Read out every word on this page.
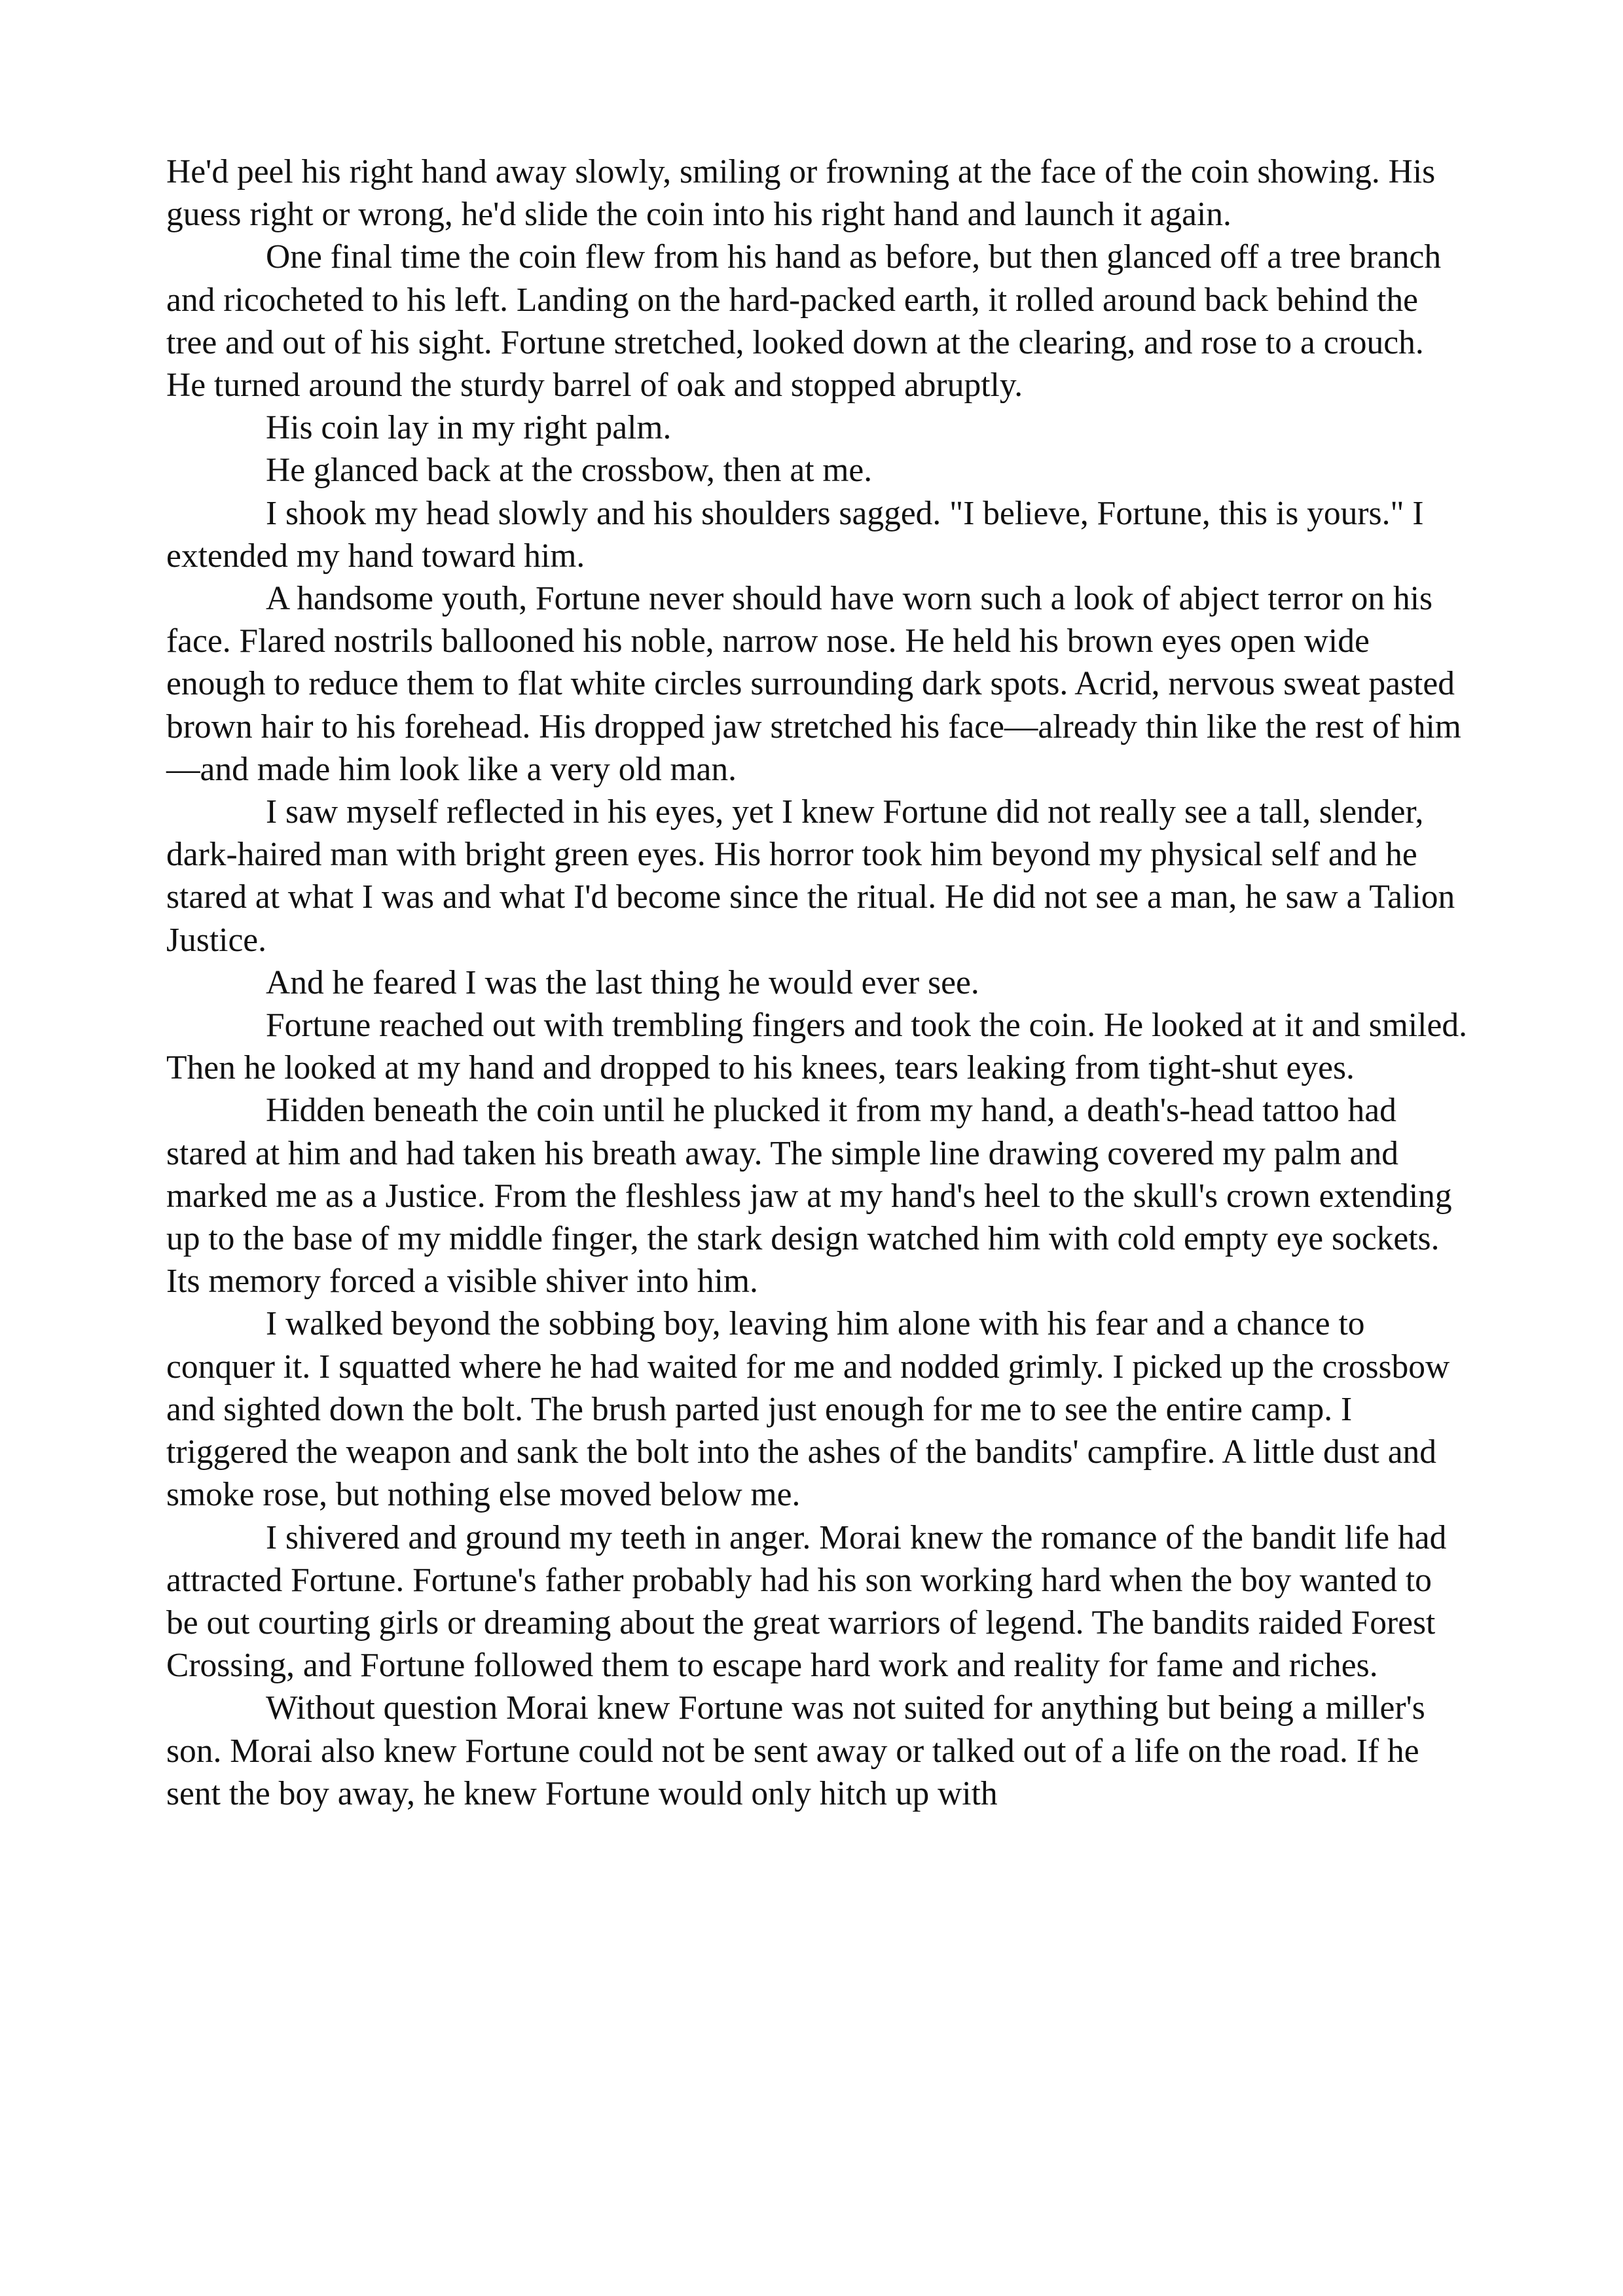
He'd peel his right hand away slowly, smiling or frowning at the face of the coin showing. His guess right or wrong, he'd slide the coin into his right hand and launch it again.

One final time the coin flew from his hand as before, but then glanced off a tree branch and ricocheted to his left. Landing on the hard-packed earth, it rolled around back behind the tree and out of his sight. Fortune stretched, looked down at the clearing, and rose to a crouch. He turned around the sturdy barrel of oak and stopped abruptly.

His coin lay in my right palm.

He glanced back at the crossbow, then at me.

I shook my head slowly and his shoulders sagged. "I believe, Fortune, this is yours." I extended my hand toward him.

A handsome youth, Fortune never should have worn such a look of abject terror on his face. Flared nostrils ballooned his noble, narrow nose. He held his brown eyes open wide enough to reduce them to flat white circles surrounding dark spots. Acrid, nervous sweat pasted brown hair to his forehead. His dropped jaw stretched his face—already thin like the rest of him—and made him look like a very old man.

I saw myself reflected in his eyes, yet I knew Fortune did not really see a tall, slender, dark-haired man with bright green eyes. His horror took him beyond my physical self and he stared at what I was and what I'd become since the ritual. He did not see a man, he saw a Talion Justice.

And he feared I was the last thing he would ever see.

Fortune reached out with trembling fingers and took the coin. He looked at it and smiled. Then he looked at my hand and dropped to his knees, tears leaking from tight-shut eyes.

Hidden beneath the coin until he plucked it from my hand, a death's-head tattoo had stared at him and had taken his breath away. The simple line drawing covered my palm and marked me as a Justice. From the fleshless jaw at my hand's heel to the skull's crown extending up to the base of my middle finger, the stark design watched him with cold empty eye sockets. Its memory forced a visible shiver into him.

I walked beyond the sobbing boy, leaving him alone with his fear and a chance to conquer it. I squatted where he had waited for me and nodded grimly. I picked up the crossbow and sighted down the bolt. The brush parted just enough for me to see the entire camp. I triggered the weapon and sank the bolt into the ashes of the bandits' campfire. A little dust and smoke rose, but nothing else moved below me.

I shivered and ground my teeth in anger. Morai knew the romance of the bandit life had attracted Fortune. Fortune's father probably had his son working hard when the boy wanted to be out courting girls or dreaming about the great warriors of legend. The bandits raided Forest Crossing, and Fortune followed them to escape hard work and reality for fame and riches.

Without question Morai knew Fortune was not suited for anything but being a miller's son. Morai also knew Fortune could not be sent away or talked out of a life on the road. If he sent the boy away, he knew Fortune would only hitch up with
